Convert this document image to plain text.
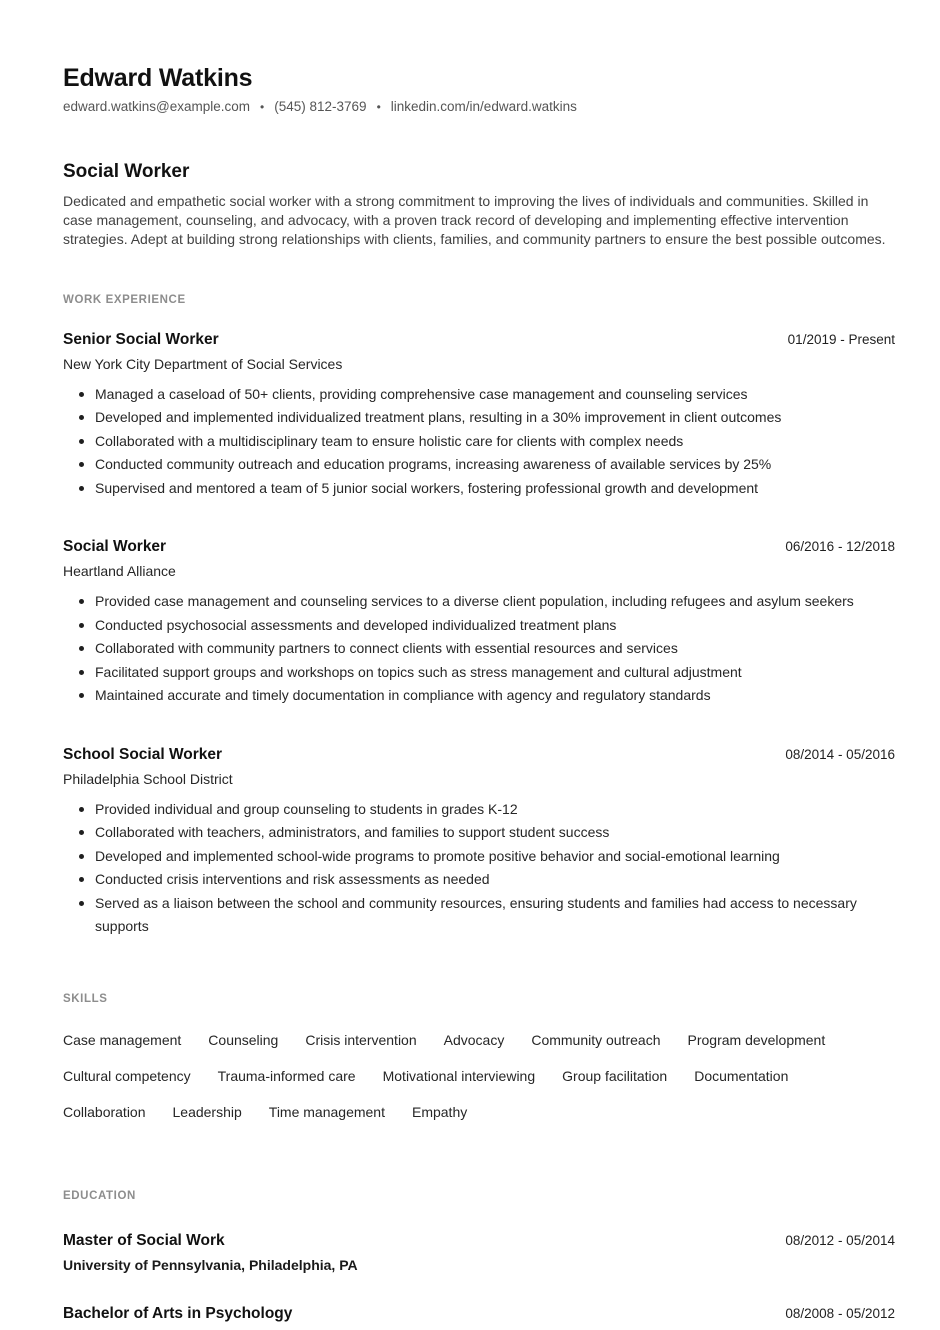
Edward Watkins
edward.watkins@example.com • (545) 812-3769 • linkedin.com/in/edward.watkins
Social Worker

Dedicated and empathetic social worker with a strong commitment to improving the lives of individuals and communities. Skilled in case management, counseling, and advocacy, with a proven track record of developing and implementing effective intervention strategies. Adept at building strong relationships with clients, families, and community partners to ensure the best possible outcomes.

WORK EXPERIENCE
Senior Social Worker	01/2019 - Present
New York City Department of Social Services
Managed a caseload of 50+ clients, providing comprehensive case management and counseling services
Developed and implemented individualized treatment plans, resulting in a 30% improvement in client outcomes
Collaborated with a multidisciplinary team to ensure holistic care for clients with complex needs
Conducted community outreach and education programs, increasing awareness of available services by 25%
Supervised and mentored a team of 5 junior social workers, fostering professional growth and development
Social Worker	06/2016 - 12/2018
Heartland Alliance
Provided case management and counseling services to a diverse client population, including refugees and asylum seekers
Conducted psychosocial assessments and developed individualized treatment plans
Collaborated with community partners to connect clients with essential resources and services
Facilitated support groups and workshops on topics such as stress management and cultural adjustment
Maintained accurate and timely documentation in compliance with agency and regulatory standards
School Social Worker	08/2014 - 05/2016
Philadelphia School District
Provided individual and group counseling to students in grades K-12
Collaborated with teachers, administrators, and families to support student success
Developed and implemented school-wide programs to promote positive behavior and social-emotional learning
Conducted crisis interventions and risk assessments as needed
Served as a liaison between the school and community resources, ensuring students and families had access to necessary supports
SKILLS
Case management Counseling Crisis intervention Advocacy Community outreach Program development
Cultural competency Trauma-informed care Motivational interviewing Group facilitation Documentation
Collaboration Leadership Time management Empathy
EDUCATION
Master of Social Work	08/2012 - 05/2014
University of Pennsylvania, Philadelphia, PA
Bachelor of Arts in Psychology	08/2008 - 05/2012
